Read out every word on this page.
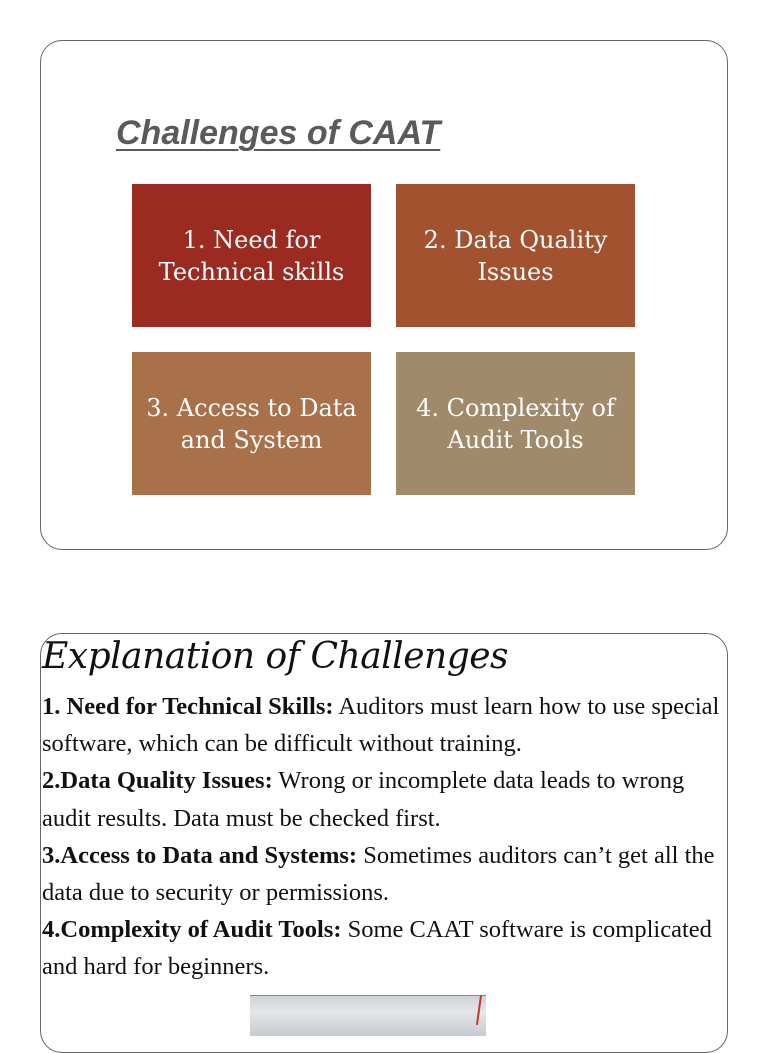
Challenges of CAAT
1. Need for Technical skills
2. Data Quality Issues
3. Access to Data and System
4. Complexity of Audit Tools
Explanation of Challenges

1. Need for Technical Skills: Auditors must learn how to use special software, which can be difficult without training.

2.Data Quality Issues: Wrong or incomplete data leads to wrong audit results. Data must be checked first.

3.Access to Data and Systems: Sometimes auditors can’t get all the data due to security or permissions.

4.Complexity of Audit Tools: Some CAAT software is complicated and hard for beginners.
